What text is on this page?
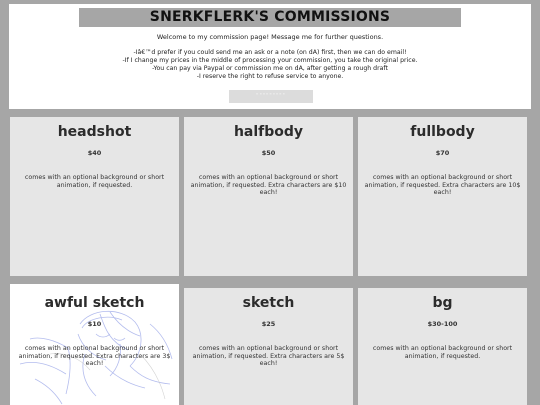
SNERKFLERK'S COMMISSIONS
Welcome to my commission page! Message me for further questions.
-Iâ€™d prefer if you could send me an ask or a note (on dA) first, then we can do email!
-If I change my prices in the middle of processing your commission, you take the original price.
-You can pay via Paypal or commission me on dA, after getting a rough draft
-I reserve the right to refuse service to anyone.
"""""""""
headshot
$40
comes with an optional background or short animation, if requested.
halfbody
$50
comes with an optional background or short animation, if requested. Extra characters are $10 each!
fullbody
$70
comes with an optional background or short animation, if requested. Extra characters are 10$ each!
awful sketch
$10
comes with an optional background or short animation, if requested. Extra characters are 3$ each!
sketch
$25
comes with an optional background or short animation, if requested. Extra characters are 5$ each!
bg
$30-100
comes with an optional background or short animation, if requested.
